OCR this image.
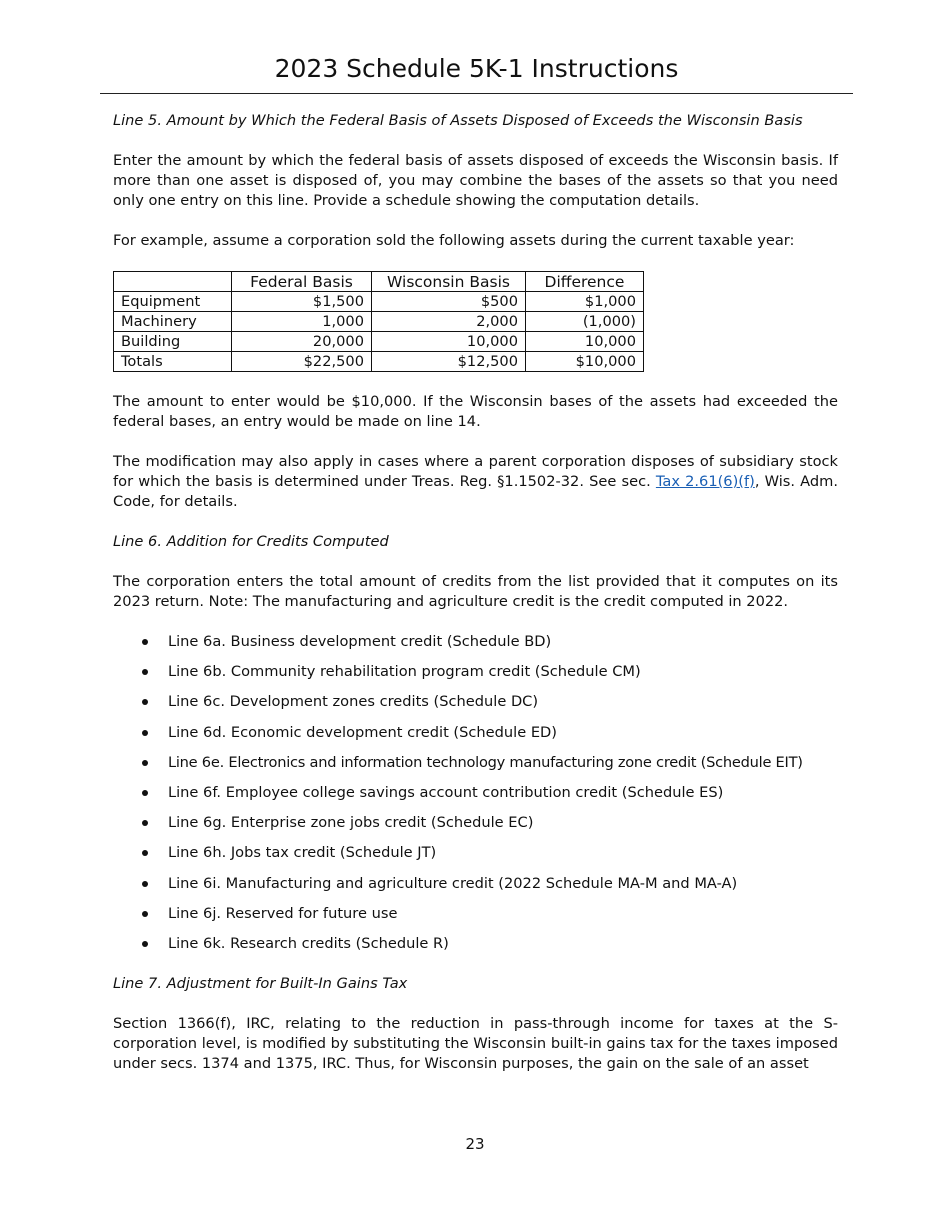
2023 Schedule 5K-1 Instructions
Line 5. Amount by Which the Federal Basis of Assets Disposed of Exceeds the Wisconsin Basis

Enter the amount by which the federal basis of assets disposed of exceeds the Wisconsin basis. If more than one asset is disposed of, you may combine the bases of the assets so that you need only one entry on this line. Provide a schedule showing the computation details.

For example, assume a corporation sold the following assets during the current taxable year:

	Federal Basis	Wisconsin Basis	Difference
Equipment	$1,500	$500	$1,000
Machinery	1,000	2,000	(1,000)
Building	20,000	10,000	10,000
Totals	$22,500	$12,500	$10,000

The amount to enter would be $10,000. If the Wisconsin bases of the assets had exceeded the federal bases, an entry would be made on line 14.

The modification may also apply in cases where a parent corporation disposes of subsidiary stock for which the basis is determined under Treas. Reg. §1.1502-32. See sec. Tax 2.61(6)(f), Wis. Adm. Code, for details.

Line 6. Addition for Credits Computed

The corporation enters the total amount of credits from the list provided that it computes on its 2023 return. Note: The manufacturing and agriculture credit is the credit computed in 2022.

Line 6a. Business development credit (Schedule BD)
Line 6b. Community rehabilitation program credit (Schedule CM)
Line 6c. Development zones credits (Schedule DC)
Line 6d. Economic development credit (Schedule ED)
Line 6e. Electronics and information technology manufacturing zone credit (Schedule EIT)
Line 6f. Employee college savings account contribution credit (Schedule ES)
Line 6g. Enterprise zone jobs credit (Schedule EC)
Line 6h. Jobs tax credit (Schedule JT)
Line 6i. Manufacturing and agriculture credit (2022 Schedule MA-M and MA-A)
Line 6j. Reserved for future use
Line 6k. Research credits (Schedule R)
Line 7. Adjustment for Built-In Gains Tax

Section 1366(f), IRC, relating to the reduction in pass-through income for taxes at the S-corporation level, is modified by substituting the Wisconsin built-in gains tax for the taxes imposed under secs. 1374 and 1375, IRC. Thus, for Wisconsin purposes, the gain on the sale of an asset

23
